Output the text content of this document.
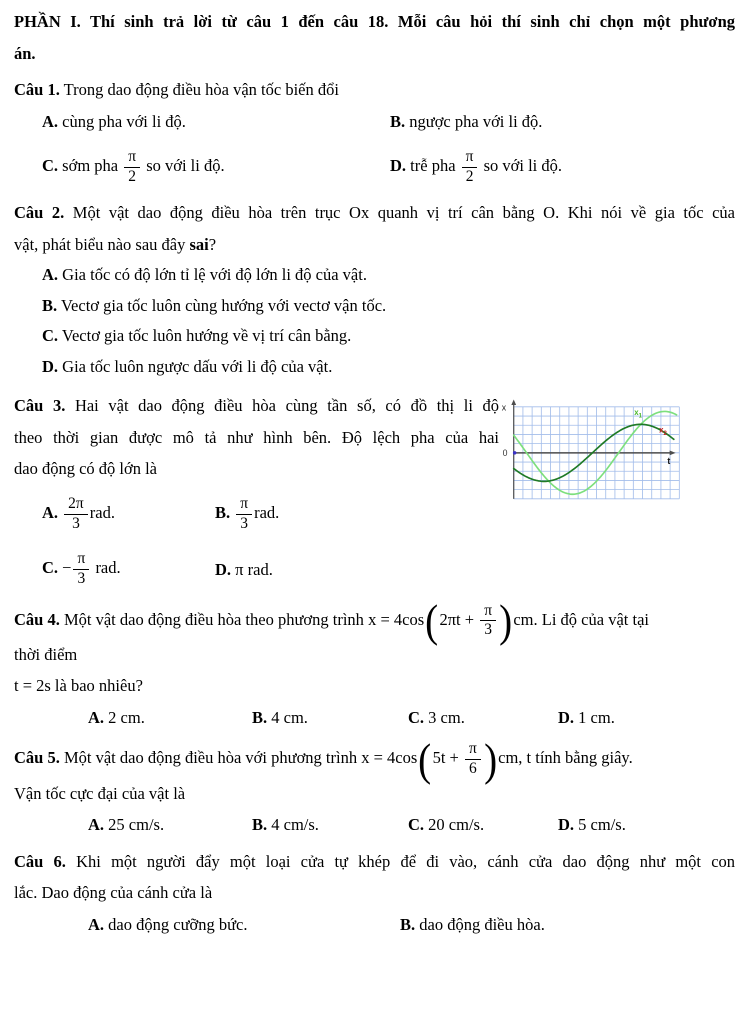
PHẦN I. Thí sinh trả lời từ câu 1 đến câu 18. Mỗi câu hỏi thí sinh chỉ chọn một phương
án.
Câu 1. Trong dao động điều hòa vận tốc biến đổi
A. cùng pha với li độ.	B. ngược pha với li độ.
C. sớm pha $\frac{\pi}{2}$ so với li độ.	D. trễ pha $\frac{\pi}{2}$ so với li độ.
Câu 2. Một vật dao động điều hòa trên trục Ox quanh vị trí cân bằng O. Khi nói về gia tốc của
vật, phát biểu nào sau đây sai?
A. Gia tốc có độ lớn tỉ lệ với độ lớn li độ của vật.
B. Vectơ gia tốc luôn cùng hướng với vectơ vận tốc.
C. Vectơ gia tốc luôn hướng về vị trí cân bằng.
D. Gia tốc luôn ngược dấu với li độ của vật.
x
0
t
$x_1$
$x_2$
Câu 3. Hai vật dao động điều hòa cùng tần số, có đồ thị li độ
theo thời gian được mô tả như hình bên. Độ lệch pha của hai
dao động có độ lớn là
A. $\frac{2\pi}{3}$ rad.	B. $\frac{\pi}{3}$ rad.
C. − $\frac{\pi}{3}$ rad.	D. π rad.
Câu 4. Một vật dao động điều hòa theo phương trình $x = 4\cos(2\pi t + \frac{\pi}{3} )cm$. Li độ của vật tại
thời điểm
t = 2s là bao nhiêu?
A. 2 cm.	B. 4 cm.	C. 3 cm.	D. 1 cm.
Câu 5. Một vật dao động điều hòa với phương trình $x = 4\cos(5t + \frac{\pi}{6} )cm$, t tính bằng giây.
Vận tốc cực đại của vật là
A. 25 cm/s.	B. 4 cm/s.	C. 20 cm/s.	D. 5 cm/s.
Câu 6. Khi một người đẩy một loại cửa tự khép để đi vào, cánh cửa dao động như một con
lắc. Dao động của cánh cửa là
A. dao động cưỡng bức.	B. dao động điều hòa.
